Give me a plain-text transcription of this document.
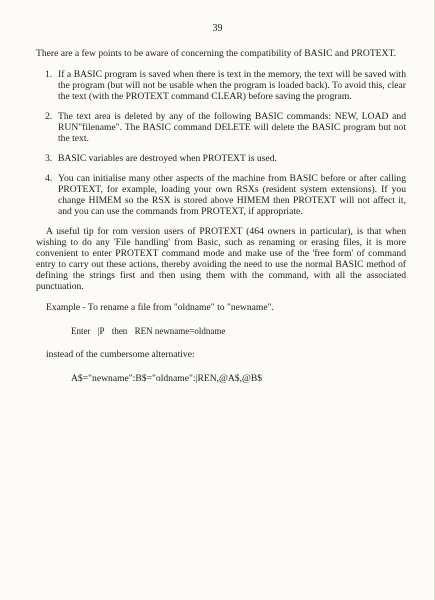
39

There are a few points to be aware of concerning the compatibility of BASIC and PROTEXT.

1. If a BASIC program is saved when there is text in the memory, the text will be saved with the program (but will not be usable when the program is loaded back). To avoid this, clear the text (with the PROTEXT command CLEAR) before saving the program.
2. The text area is deleted by any of the following BASIC commands: NEW, LOAD and RUN"filename". The BASIC command DELETE will delete the BASIC program but not the text.
3. BASIC variables are destroyed when PROTEXT is used.
4. You can initialise many other aspects of the machine from BASIC before or after calling PROTEXT, for example, loading your own RSXs (resident system extensions). If you change HIMEM so the RSX is stored above HIMEM then PROTEXT will not affect it, and you can use the commands from PROTEXT, if appropriate.

A useful tip for rom version users of PROTEXT (464 owners in particular), is that when wishing to do any 'File handling' from Basic, such as renaming or erasing files, it is more convenient to enter PROTEXT command mode and make use of the 'free form' of command entry to carry out these actions, thereby avoiding the need to use the normal BASIC method of defining the strings first and then using them with the command, with all the associated punctuation.

Example - To rename a file from "oldname" to "newname".

Enter |P then REN newname=oldname
instead of the cumbersome alternative:
A$="newname":B$="oldname":|REN,@A$,@B$
